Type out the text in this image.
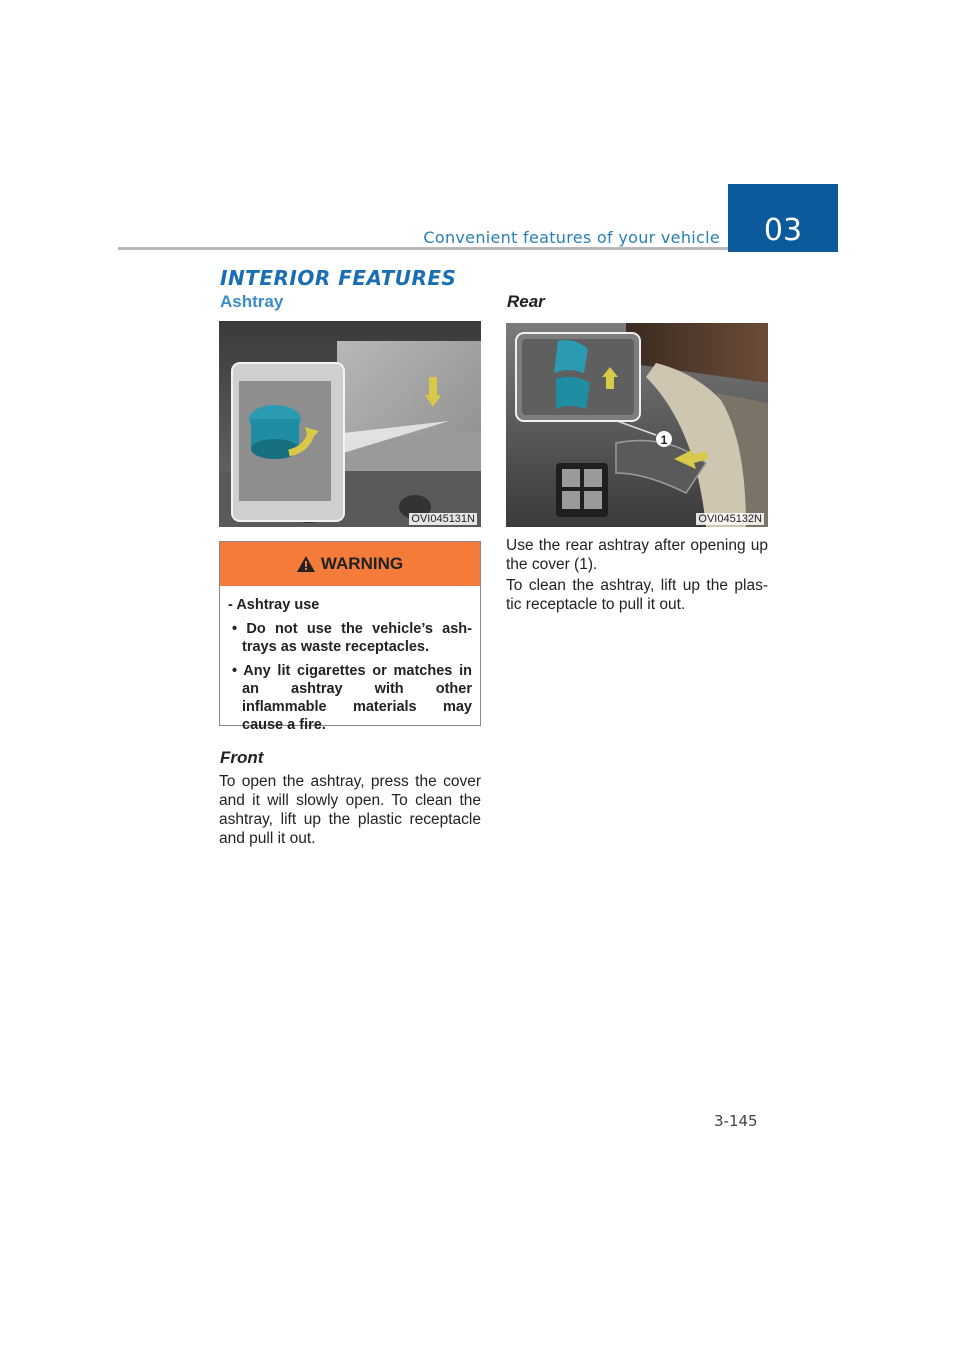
Convenient features of your vehicle 03
INTERIOR FEATURES
Ashtray
OVI045131N
WARNING
- Ashtray use
• Do not use the vehicle’s ash- trays as waste receptacles.
• Any lit cigarettes or matches in an ashtray with other inflammable materials may cause a fire.
Front
To open the ashtray, press the cover and it will slowly open. To clean the ashtray, lift up the plastic receptacle and pull it out.
Rear
1
OVI045132N
Use the rear ashtray after opening up the cover (1).
To clean the ashtray, lift up the plas- tic receptacle to pull it out.
3-145
